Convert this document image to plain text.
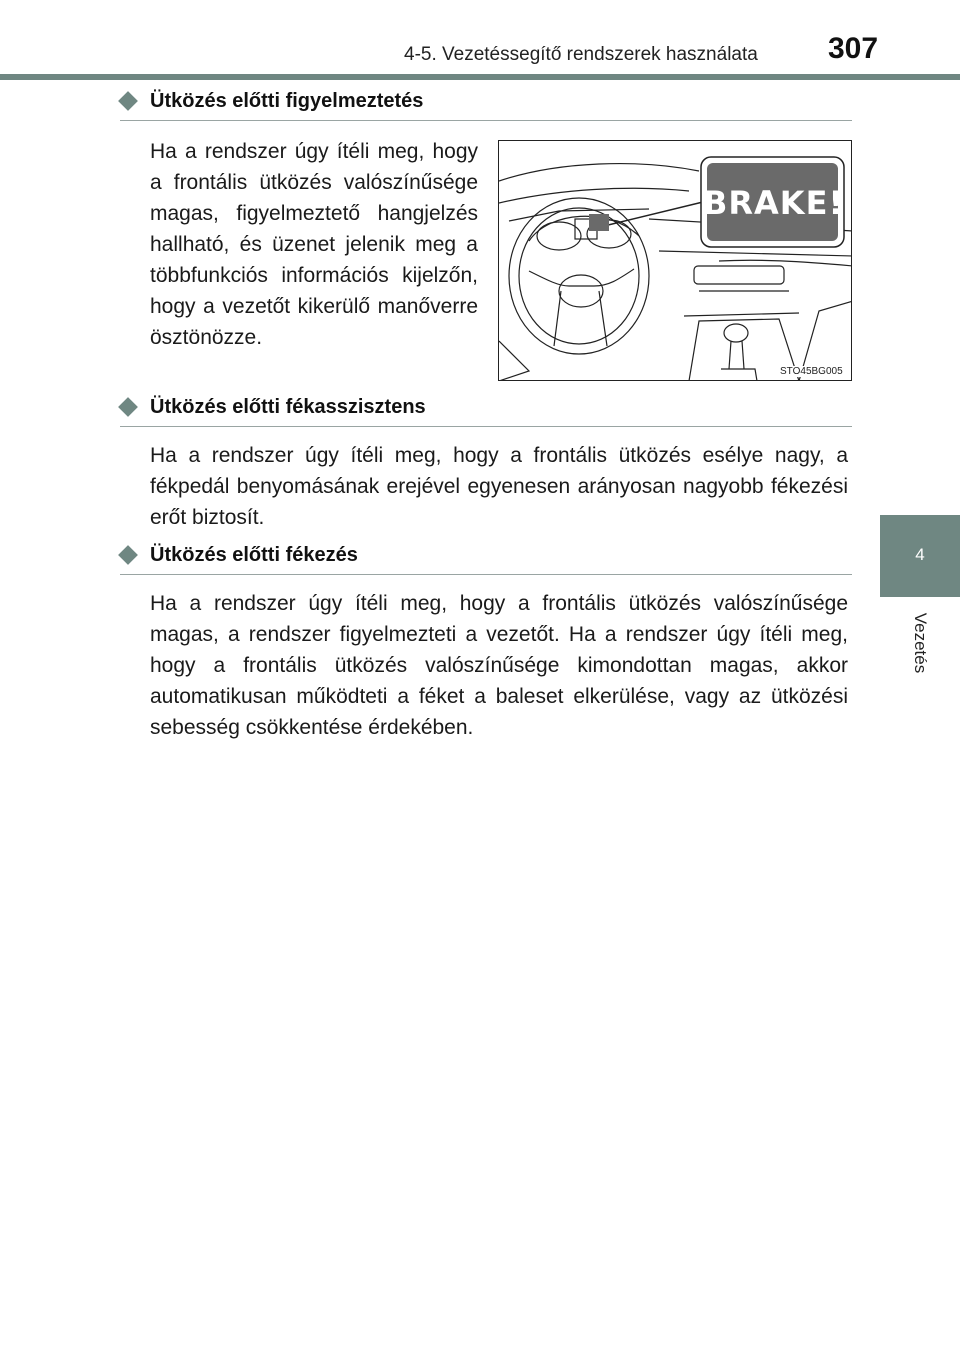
4-5. Vezetéssegítő rendszerek használata 307
4
Vezetés
Ütközés előtti figyelmeztetés

Ha a rendszer úgy ítéli meg, hogy a frontális ütközés valószínűsége magas, figyelmeztető hangjelzés hallható, és üzenet jelenik meg a többfunkciós információs kijelzőn, hogy a vezetőt kikerülő manőverre ösztönözze.

BRAKE!
STO45BG005
Ütközés előtti fékasszisztens

Ha a rendszer úgy ítéli meg, hogy a frontális ütközés esélye nagy, a fékpedál benyomásának erejével egyenesen arányosan nagyobb fékezési erőt biztosít.

Ütközés előtti fékezés

Ha a rendszer úgy ítéli meg, hogy a frontális ütközés valószínűsége magas, a rendszer figyelmezteti a vezetőt. Ha a rendszer úgy ítéli meg, hogy a frontális ütközés valószínűsége kimondottan magas, akkor automatikusan működteti a féket a baleset elkerülése, vagy az ütközési sebesség csökkentése érdekében.
